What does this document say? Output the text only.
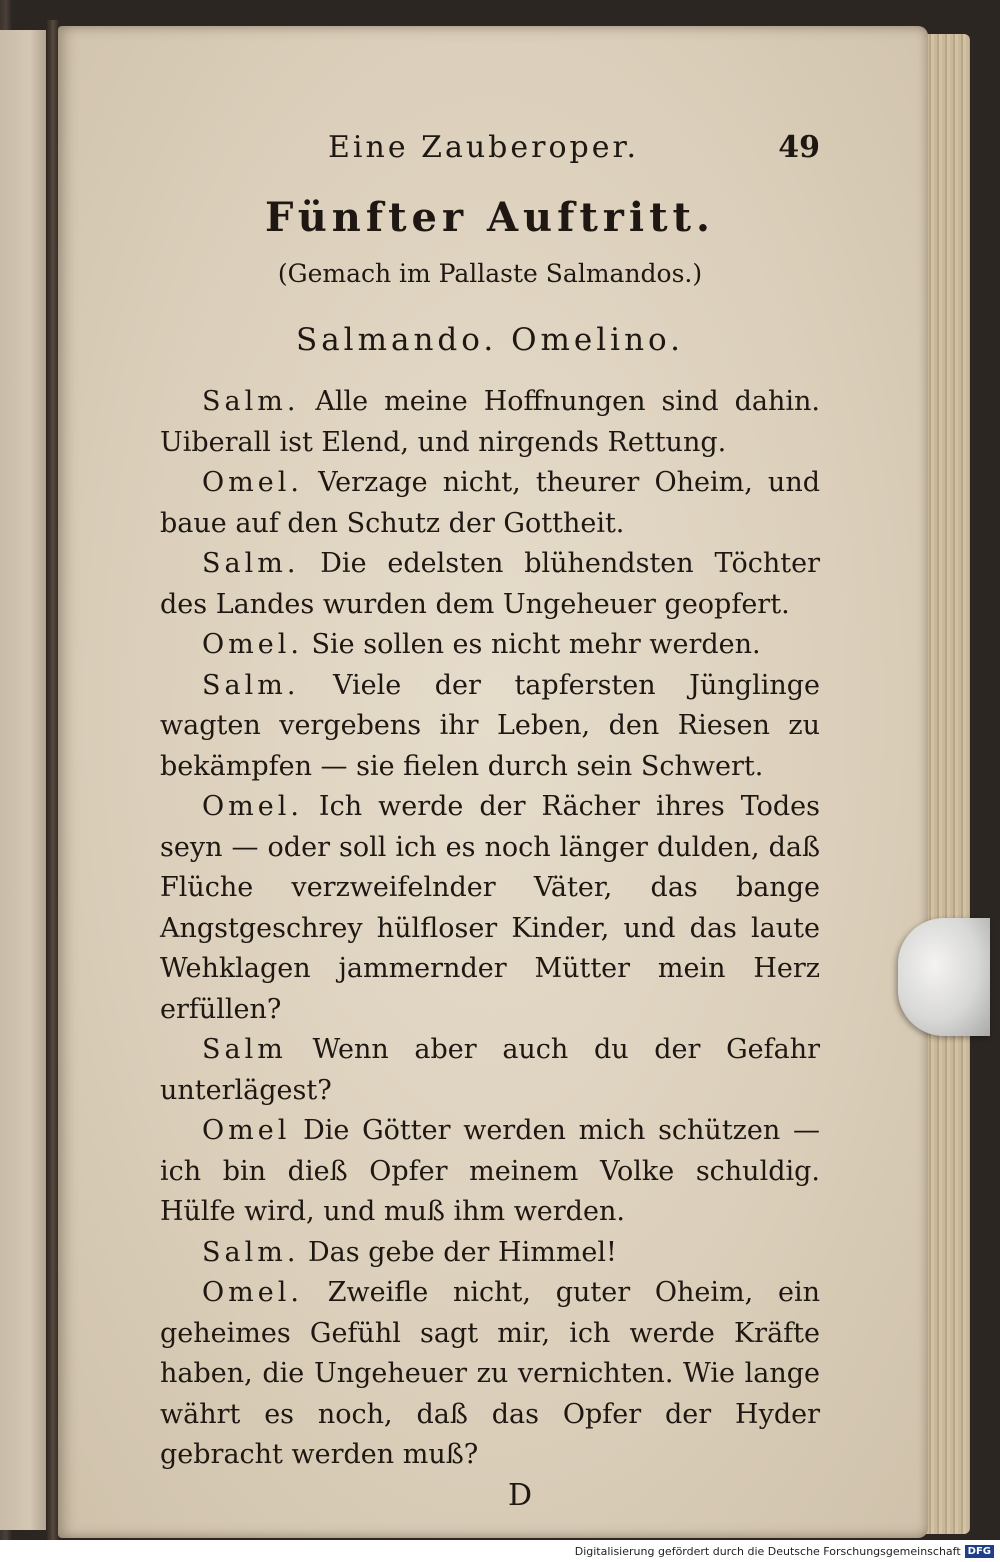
Eine Zauberoper.	49
Fünfter Auftritt.
(Gemach im Pallaste Salmandos.)
Salmando. Omelino.

Salm. Alle meine Hoffnungen sind dahin. Uiberall ist Elend, und nirgends Rettung.

Omel. Verzage nicht, theurer Oheim, und baue auf den Schutz der Gottheit.

Salm. Die edelsten blühendsten Töchter des Landes wurden dem Ungeheuer geopfert.

Omel. Sie sollen es nicht mehr werden.

Salm. Viele der tapfersten Jünglinge wagten vergebens ihr Leben, den Riesen zu bekämpfen — sie fielen durch sein Schwert.

Omel. Ich werde der Rächer ihres Todes seyn — oder soll ich es noch länger dulden, daß Flüche verzweifelnder Väter, das bange Angstgeschrey hülfloser Kinder, und das laute Wehklagen jammernder Mütter mein Herz erfüllen?

Salm Wenn aber auch du der Gefahr unterlägest?

Omel Die Götter werden mich schützen — ich bin dieß Opfer meinem Volke schuldig. Hülfe wird, und muß ihm werden.

Salm. Das gebe der Himmel!

Omel. Zweifle nicht, guter Oheim, ein geheimes Gefühl sagt mir, ich werde Kräfte haben, die Ungeheuer zu vernichten. Wie lange währt es noch, daß das Opfer der Hyder gebracht werden muß?

D
Digitalisierung gefördert durch die Deutsche Forschungsgemeinschaft DFG
